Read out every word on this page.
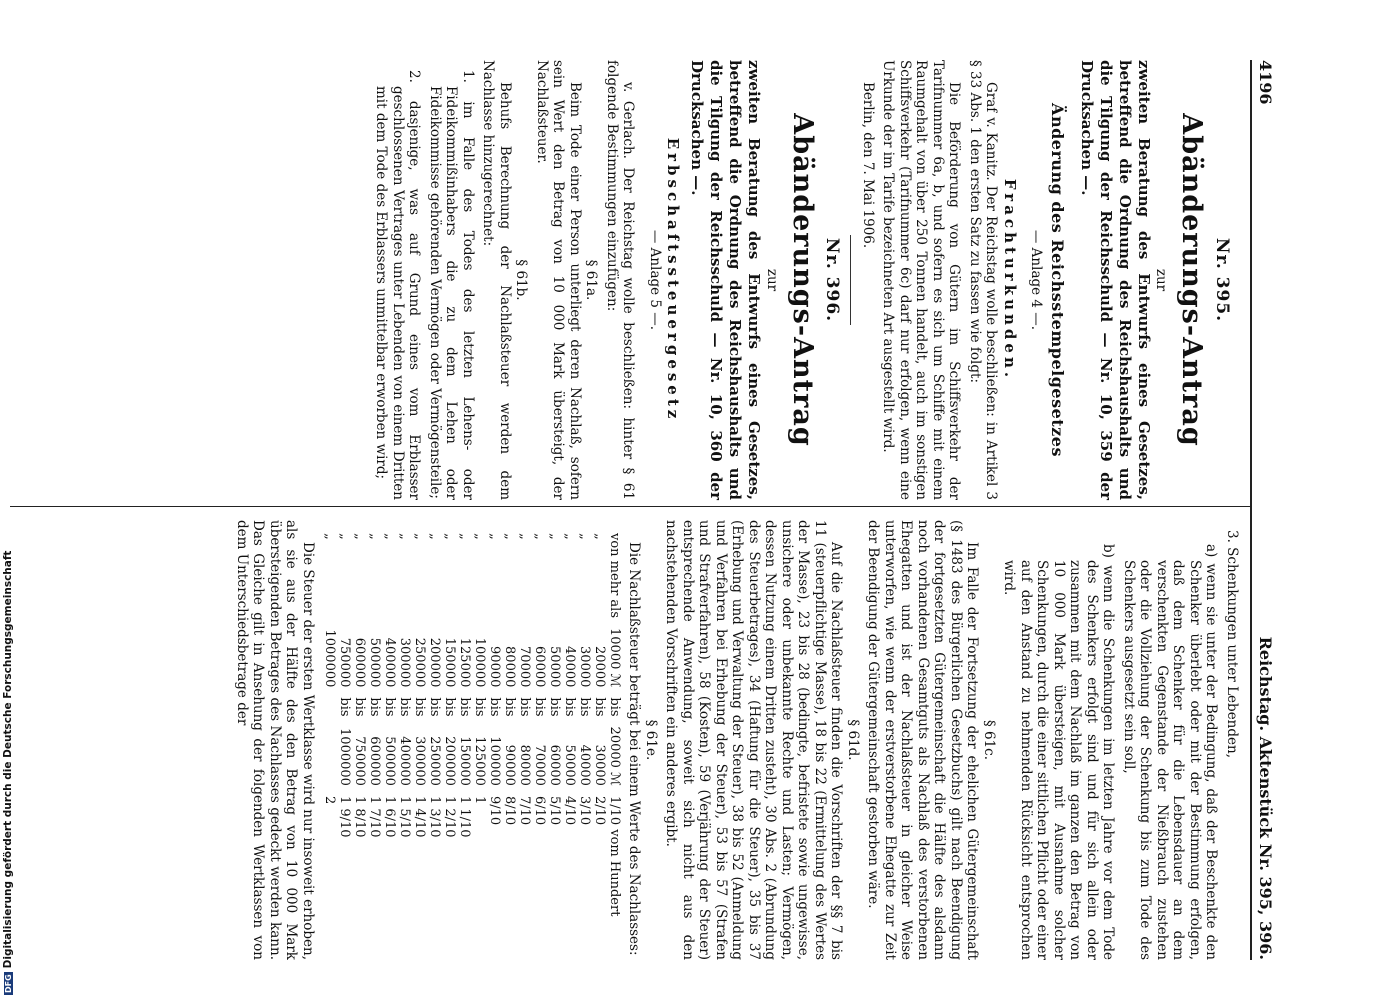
DFGDigitalisierung gefördert durch die Deutsche Forschungsgemeinschaft
4196
Reichstag. Aktenstück Nr. 395, 396.
Nr. 395.
Abänderungs-Antrag
zur
zweiten Beratung des Entwurfs eines Gesetzes, betreffend die Ordnung des Reichshaushalts und die Tilgung der Reichsschuld — Nr. 10, 359 der Drucksachen —.
Änderung des Reichsstempelgesetzes
— Anlage 4 —.
Frachturkunden.

Graf v. Kanitz. Der Reichstag wolle beschließen: in Artikel 3 § 33 Abs. 1 den ersten Satz zu fassen wie folgt:

Die Beförderung von Gütern im Schiffsverkehr der Tarifnummer 6a, b, und sofern es sich um Schiffe mit einem Raumgehalt von über 250 Tonnen handelt, auch im sonstigen Schiffsverkehr (Tarifnummer 6c) darf nur erfolgen, wenn eine Urkunde der im Tarife bezeichneten Art ausgestellt wird.

Berlin, den 7. Mai 1906.

Nr. 396.
Abänderungs-Antrag
zur
zweiten Beratung des Entwurfs eines Gesetzes, betreffend die Ordnung des Reichshaushalts und die Tilgung der Reichsschuld — Nr. 10, 360 der Drucksachen —.
Erbschaftssteuergesetz
— Anlage 5 —.

v. Gerlach. Der Reichstag wolle beschließen: hinter § 61 folgende Bestimmungen einzufügen:

§ 61a.

Beim Tode einer Person unterliegt deren Nachlaß, sofern sein Wert den Betrag von 10 000 Mark übersteigt, der Nachlaßsteuer.

§ 61b.

Behufs Berechnung der Nachlaßsteuer werden dem Nachlasse hinzugerechnet:

1. im Falle des Todes des letzten Lehens- oder Fideikommißinhabers die zu dem Lehen oder Fideikommisse gehörenden Vermögen oder Vermögensteile;

2. dasjenige, was auf Grund eines vom Erblasser geschlossenen Vertrages unter Lebenden von einem Dritten mit dem Tode des Erblassers unmittelbar erworben wird;

3. Schenkungen unter Lebenden,

a) wenn sie unter der Bedingung, daß der Beschenkte den Schenker überlebt oder mit der Bestimmung erfolgen, daß dem Schenker für die Lebensdauer an dem verschenkten Gegenstande der Nießbrauch zustehen oder die Vollziehung der Schenkung bis zum Tode des Schenkers ausgesetzt sein soll,

b) wenn die Schenkungen im letzten Jahre vor dem Tode des Schenkers erfolgt sind und für sich allein oder zusammen mit dem Nachlaß im ganzen den Betrag von 10 000 Mark übersteigen, mit Ausnahme solcher Schenkungen, durch die einer sittlichen Pflicht oder einer auf den Anstand zu nehmenden Rücksicht entsprochen wird.

§ 61c.

Im Falle der Fortsetzung der ehelichen Gütergemeinschaft (§ 1483 des Bürgerlichen Gesetzbuchs) gilt nach Beendigung der fortgesetzten Gütergemeinschaft die Hälfte des alsdann noch vorhandenen Gesamtguts als Nachlaß des verstorbenen Ehegatten und ist der Nachlaßsteuer in gleicher Weise unterworfen, wie wenn der erstverstorbene Ehegatte zur Zeit der Beendigung der Gütergemeinschaft gestorben wäre.

§ 61d.

Auf die Nachlaßsteuer finden die Vorschriften der §§ 7 bis 11 (steuerpflichtige Masse), 18 bis 22 (Ermittelung des Wertes der Masse), 23 bis 28 (bedingte, befristete sowie ungewisse, unsichere oder unbekannte Rechte und Lasten; Vermögen, dessen Nutzung einem Dritten zusteht), 30 Abs. 2 (Abrundung des Steuerbetrages), 34 (Haftung für die Steuer), 35 bis 37 (Erhebung und Verwaltung der Steuer), 38 bis 52 (Anmeldung und Verfahren bei Erhebung der Steuer), 53 bis 57 (Strafen und Strafverfahren), 58 (Kosten), 59 (Verjährung der Steuer) entsprechende Anwendung, soweit sich nicht aus den nachstehenden Vorschriften ein anderes ergibt.

§ 61e.

Die Nachlaßsteuer beträgt bei einem Werte des Nachlasses:

von mehr als	10000 ℳ	bis	20000 ℳ	1/10 vom Hundert
„	20000	bis	30000	2/10
„	30000	bis	40000	3/10
„	40000	bis	50000	4/10
„	50000	bis	60000	5/10
„	60000	bis	70000	6/10
„	70000	bis	80000	7/10
„	80000	bis	90000	8/10
„	90000	bis	100000	9/10
„	100000	bis	125000	1
„	125000	bis	150000	1 1/10
„	150000	bis	200000	1 2/10
„	200000	bis	250000	1 3/10
„	250000	bis	300000	1 4/10
„	300000	bis	400000	1 5/10
„	400000	bis	500000	1 6/10
„	500000	bis	600000	1 7/10
„	600000	bis	750000	1 8/10
„	750000	bis	1000000	1 9/10
„	1000000			2

Die Steuer der ersten Wertklasse wird nur insoweit erhoben, als sie aus der Hälfte des den Betrag von 10 000 Mark übersteigenden Betrages des Nachlasses gedeckt werden kann. Das Gleiche gilt in Ansehung der folgenden Wertklassen von dem Unterschiedsbetrage der
